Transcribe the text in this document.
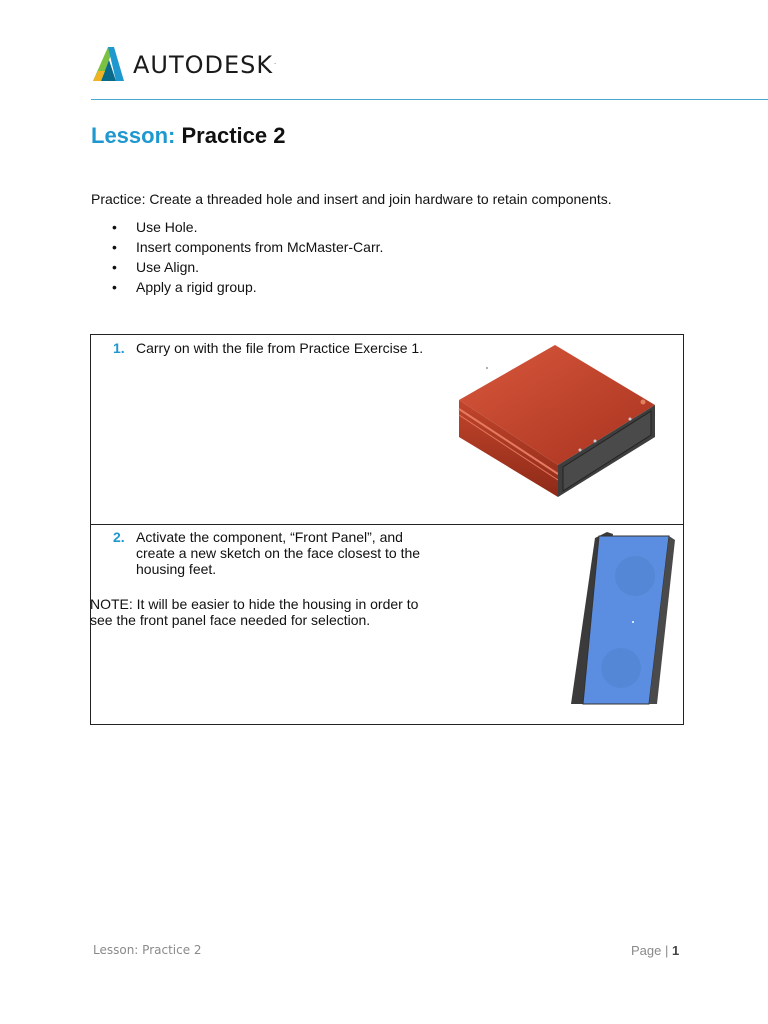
AUTODESK.
Lesson: Practice 2
Practice: Create a threaded hole and insert and join hardware to retain components.
• Use Hole.
• Insert components from McMaster-Carr.
• Use Align.
• Apply a rigid group.
1. Carry on with the file from Practice Exercise 1.
2. Activate the component, “Front Panel”, and create a new sketch on the face closest to the housing feet.
NOTE: It will be easier to hide the housing in order to see the front panel face needed for selection.
Lesson: Practice 2	Page | 1
